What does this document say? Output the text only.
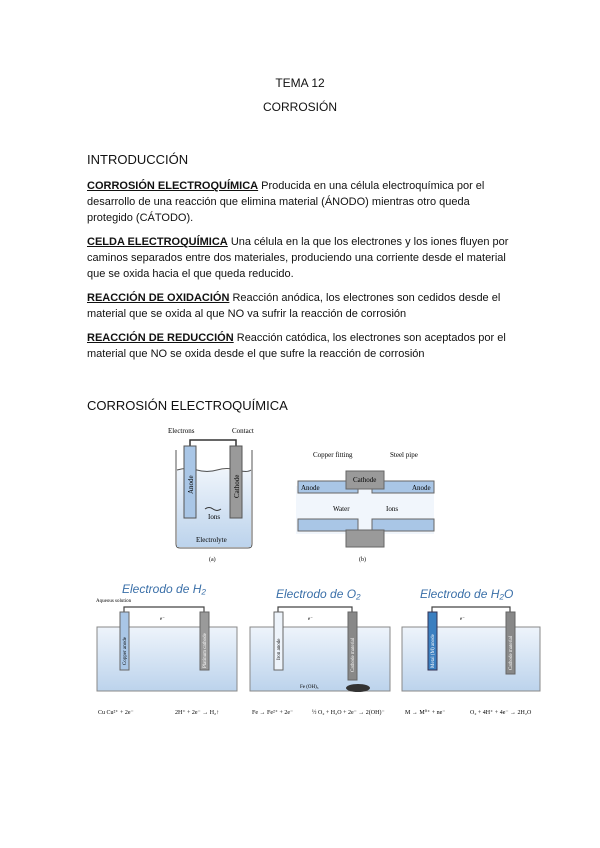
TEMA 12
CORROSIÓN
INTRODUCCIÓN
CORROSIÓN ELECTROQUÍMICA Producida en una célula electroquímica por el desarrollo de una reacción que elimina material (ÁNODO) mientras otro queda protegido (CÁTODO).
CELDA ELECTROQUÍMICA Una célula en la que los electrones y los iones fluyen por caminos separados entre dos materiales, produciendo una corriente desde el material que se oxida hacia el que queda reducido.
REACCIÓN DE OXIDACIÓN Reacción anódica, los electrones son cedidos desde el material que se oxida al que NO va sufrir la reacción de corrosión
REACCIÓN DE REDUCCIÓN Reacción catódica, los electrones son aceptados por el material que NO se oxida desde el que sufre la reacción de corrosión
CORROSIÓN ELECTROQUÍMICA
Electrons	Contact
Anode	Cathode
Ions
Electrolyte
(a)
Copper fitting	Steel pipe
Cathode
Anode	Anode
Water	Ions
(b)
Electrodo de H₂
Aqueous solution
e⁻
Copper anode	Platinum cathode
Cu Cu²⁺ + 2e⁻	2H⁺ + 2e⁻ → H₂↑
Electrodo de O₂
e⁻
Iron anode	Cathode material
Fe (OH)₃
Fe → Fe²⁺ + 2e⁻	½ O₂ + H₂O + 2e⁻ → 2(OH)⁻
Electrodo de H₂O
e⁻
Metal (M) anode	Cathode material
M → M⁰⁺ + ne⁻	O₂ + 4H⁺ + 4e⁻ → 2H₂O
